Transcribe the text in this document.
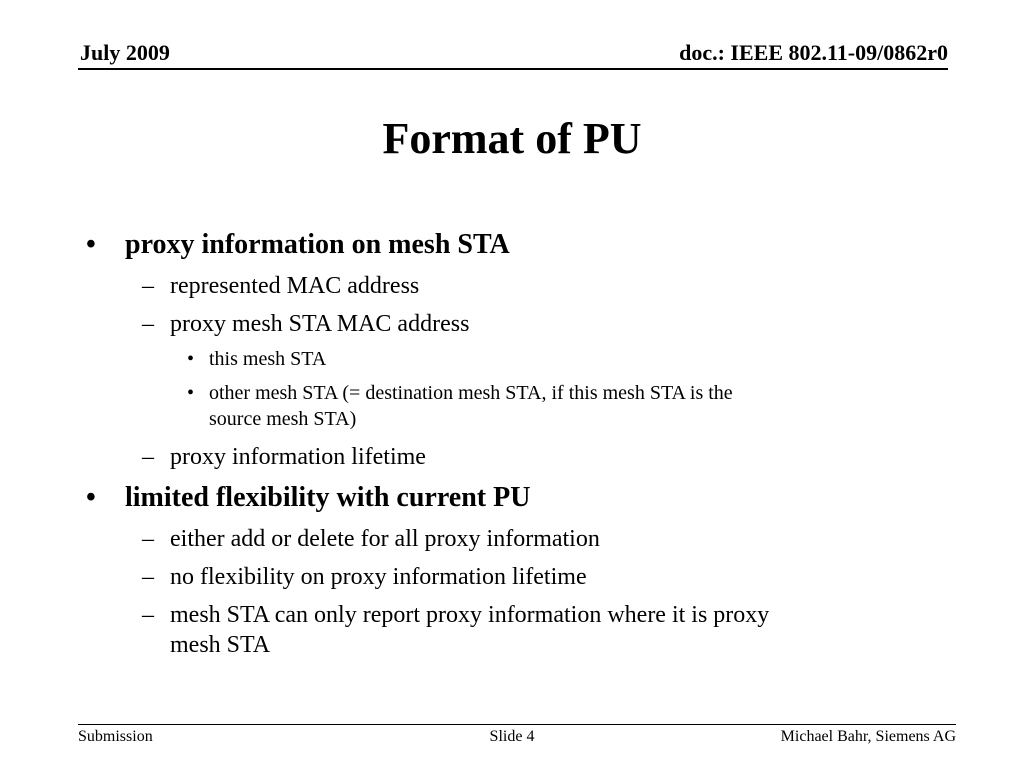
July 2009	doc.: IEEE 802.11-09/0862r0
Format of PU
• proxy information on mesh STA
– represented MAC address
– proxy mesh STA MAC address
• this mesh STA
• other mesh STA (= destination mesh STA, if this mesh STA is the
source mesh STA)
– proxy information lifetime
• limited flexibility with current PU
– either add or delete for all proxy information
– no flexibility on proxy information lifetime
– mesh STA can only report proxy information where it is proxy
mesh STA
Submission	Slide 4	Michael Bahr, Siemens AG
